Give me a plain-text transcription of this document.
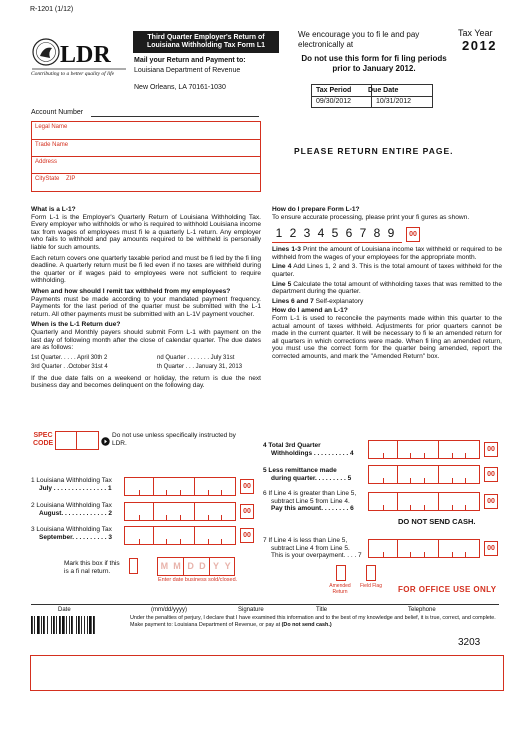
R-1201 (1/12)
LDR
Contributing to a better quality of life
Third Quarter Employer's Return of
Louisiana Withholding Tax Form L1
Mail your Return and Payment to:
Louisiana Department of Revenue
New Orleans, LA 70161-1030
We encourage you to fi le and pay electronically at
Do not use this form for fi ling periods prior to January 2012.
Tax Year
2012
Tax Period Due Date
09/30/2012	10/31/2012
Account Number
Legal Name
Trade Name
Address
CityState    ZIP
PLEASE RETURN ENTIRE PAGE.
What is a L-1?
Form L-1 is the Employer's Quarterly Return of Louisiana Withholding Tax. Every employer who withholds or who is required to withhold Louisiana income tax from wages of employees must fi le a quarterly L-1 return. Any employer who fails to withhold and pay amounts required to be withheld is personally liable for such amounts.
Each return covers one quarterly taxable period and must be fi led by the fi ling deadline. A quarterly return must be fi led even if no taxes are withheld during the quarter or if wages paid to employees were not sufficient to require withholding.
When and how should I remit tax withheld from my employees?
Payments must be made according to your mandated payment frequency. Payments for the last period of the quarter must be submitted with the L-1 return. All other payments must be submitted with an L-1V payment voucher.
When is the L-1 Return due?
Quarterly and Monthly payers should submit Form L-1 with payment on the last day of following month after the close of calendar quarter. The due dates are as follows:
1st Quarter. . . . . April 30th 2	nd Quarter . . . . . . . July 31st
3rd Quarter . .October 31st 4	th Quarter . . . January 31, 2013
If the due date falls on a weekend or holiday, the return is due the next business day and becomes delinquent on the following day.
How do I prepare Form L-1?
To ensure accurate processing, please print your fi gures as shown.
1 2 3 4 5 6 7 8 9	00
Lines 1-3 Print the amount of Louisiana income tax withheld or required to be withheld from the wages of your employees for the appropriate month.
Line 4 Add Lines 1, 2 and 3. This is the total amount of taxes withheld for the quarter.
Line 5 Calculate the total amount of withholding taxes that was remitted to the department during the quarter.
Lines 6 and 7 Self-explanatory
How do I amend an L-1?
Form L-1 is used to reconcile the payments made within this quarter to the actual amount of taxes withheld. Adjustments for prior quarters cannot be made in the current quarter. It will be necessary to fi le an amended return for all quarters in which corrections were made. When fi ling an amended return, you must use the correct form for the quarter being amended, report the corrected amounts, and mark the "Amended Return" box.
SPEC
CODE
Do not use unless specifically instructed by LDR.
1 Louisiana Withholding Tax
July . . . . . . . . . . . . . . . 1	00
2 Louisiana Withholding Tax
August. . . . . . . . . . . . . 2	00
3 Louisiana Withholding Tax
September. . . . . . . . . . 3	00
4 Total 3rd Quarter
Withholdings . . . . . . . . . . 4	00
5 Less remittance made
during quarter. . . . . . . . . 5	00
6 If Line 4 is greater than Line 5,
subtract Line 5 from Line 4.
Pay this amount. . . . . . . . 6
00
DO NOT SEND CASH.
7 If Line 4 is less than Line 5,
subtract Line 4 from Line 5.
This is your overpayment. . . . 7
00
Mark this box if this
is a fi nal return.	M M D D Y Y
Enter date business sold/closed.
Amended Return
Field Flag FOR OFFICE USE ONLY
Date	(mm/dd/yyyy)	Signature	Title	Telephone
Under the penalties of perjury, I declare that I have examined this information and to the best of my knowledge and belief, it is true, correct, and complete. Make payment to: Louisiana Department of Revenue, or pay at (Do not send cash.)
3203
